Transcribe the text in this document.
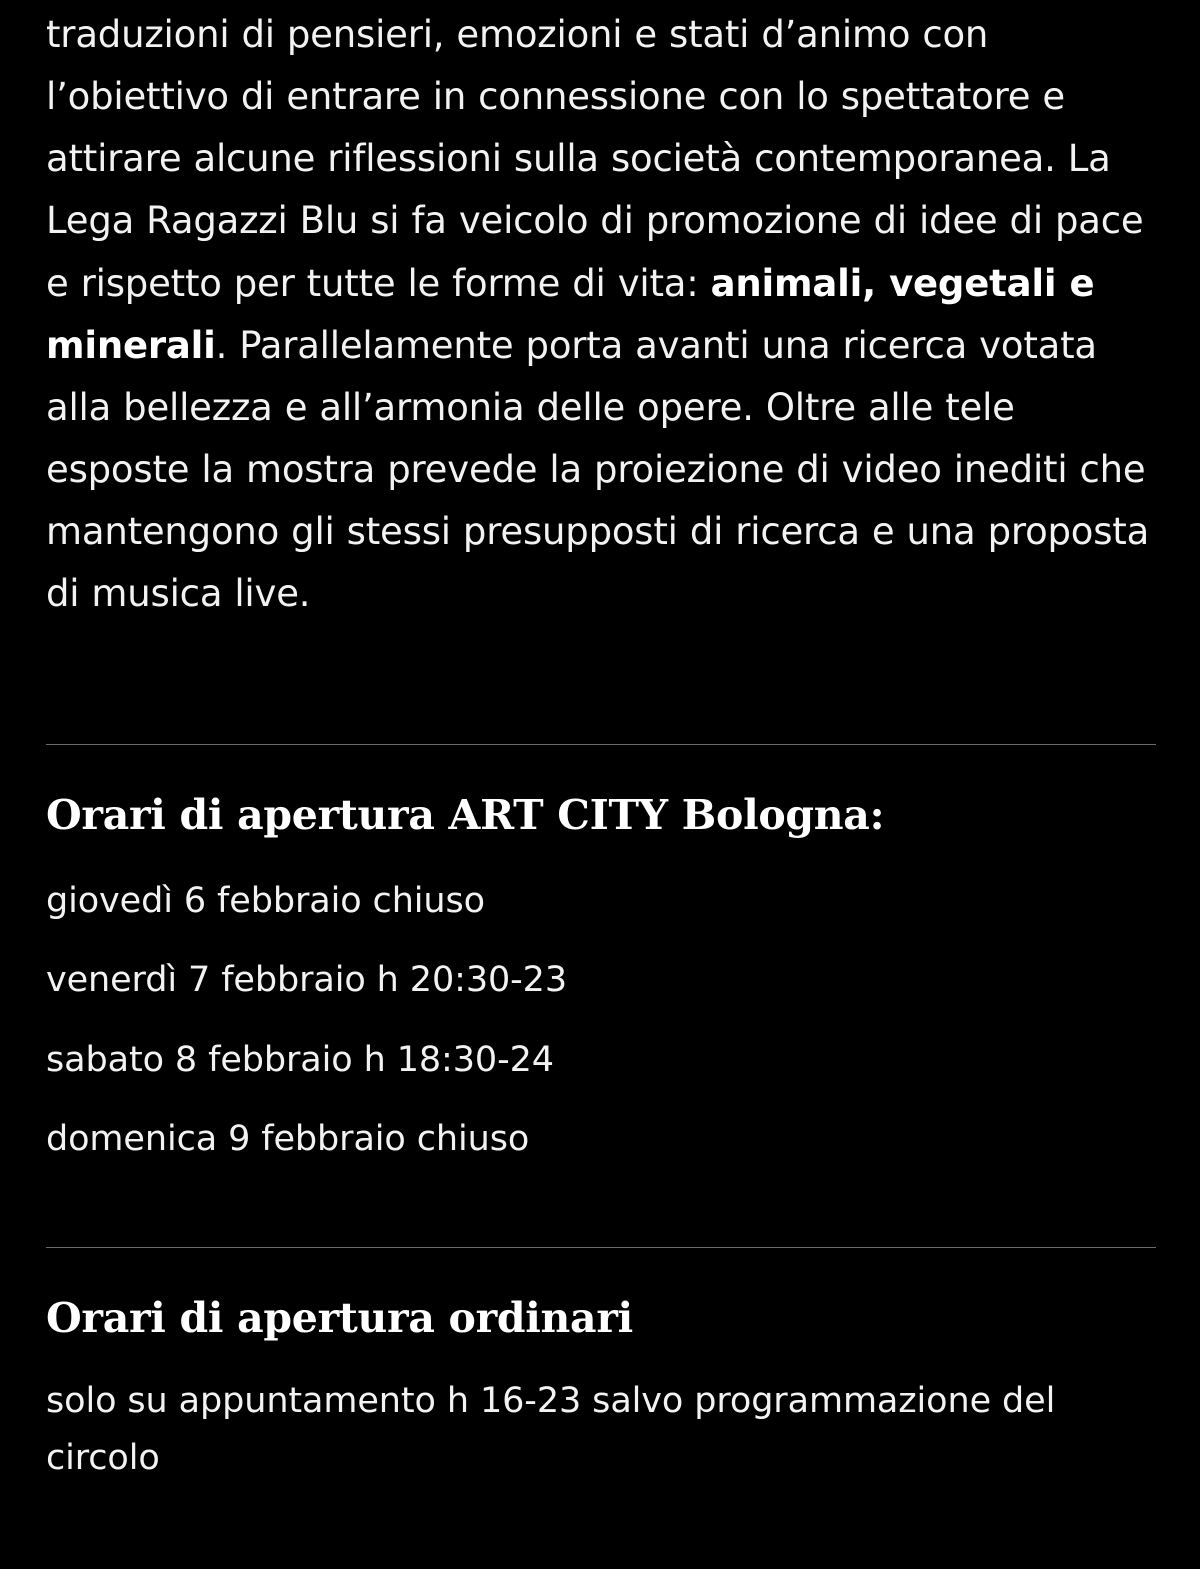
traduzioni di pensieri, emozioni e stati d’animo con l’obiettivo di entrare in connessione con lo spettatore e attirare alcune riflessioni sulla società contemporanea. La Lega Ragazzi Blu si fa veicolo di promozione di idee di pace e rispetto per tutte le forme di vita: animali, vegetali e minerali. Parallelamente porta avanti una ricerca votata alla bellezza e all’armonia delle opere. Oltre alle tele esposte la mostra prevede la proiezione di video inediti che mantengono gli stessi presupposti di ricerca e una proposta di musica live.

Orari di apertura ART CITY Bologna:
giovedì 6 febbraio chiuso
venerdì 7 febbraio h 20:30-23
sabato 8 febbraio h 18:30-24
domenica 9 febbraio chiuso
Orari di apertura ordinari

solo su appuntamento h 16-23 salvo programmazione del circolo
